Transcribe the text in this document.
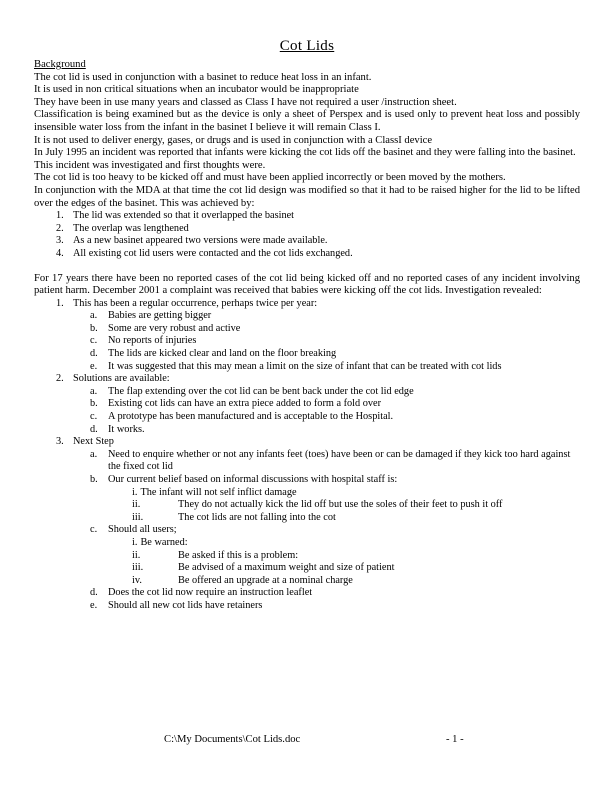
Cot Lids
Background
The cot lid is used in conjunction with a basinet to reduce heat loss in an infant.
It is used in non critical situations when an incubator would be inappropriate
They have been in use many years and classed as Class I have not required a user /instruction sheet.
Classification is being examined but as the device is only a sheet of Perspex and is used only to prevent heat loss and possibly insensible water loss from the infant in the basinet I believe it will remain Class I.
It is not used to deliver energy, gases, or drugs and is used in conjunction with a ClassI device
In July 1995 an incident was reported that infants were kicking the cot lids off the basinet and they were falling into the basinet.
This incident was investigated and first thoughts were.
The cot lid is too heavy to be kicked off and must have been applied incorrectly or been moved by the mothers.
In conjunction with the MDA at that time the cot lid design was modified so that it had to be raised higher for the lid to be lifted over the edges of the basinet. This was achieved by:
1. The lid was extended so that it overlapped the basinet
2. The overlap was lengthened
3. As a new basinet appeared two versions were made available.
4. All existing cot lid users were contacted and the cot lids exchanged.
For 17 years there have been no reported cases of the cot lid being kicked off and no reported cases of any incident involving patient harm. December 2001 a complaint was received that babies were kicking off the cot lids. Investigation revealed:
1. This has been a regular occurrence, perhaps twice per year:
a. Babies are getting bigger
b. Some are very robust and active
c. No reports of injuries
d. The lids are kicked clear and land on the floor breaking
e. It was suggested that this may mean a limit on the size of infant that can be treated with cot lids
2. Solutions are available:
a. The flap extending over the cot lid can be bent back under the cot lid edge
b. Existing cot lids can have an extra piece added to form a fold over
c. A prototype has been manufactured and is acceptable to the Hospital.
d. It works.
3. Next Step
a. Need to enquire whether or not any infants feet (toes) have been or can be damaged if they kick too hard against the fixed cot lid
b. Our current belief based on informal discussions with hospital staff is:
i. The infant will not self inflict damage
ii.	They do not actually kick the lid off but use the soles of their feet to push it off
iii.	The cot lids are not falling into the cot
c. Should all users;
i. Be warned:
ii.	Be asked if this is a problem:
iii.	Be advised of a maximum weight and size of patient
iv.	Be offered an upgrade at a nominal charge
d. Does the cot lid now require an instruction leaflet
e. Should all new cot lids have retainers
C:\My Documents\Cot Lids.doc	- 1 -
